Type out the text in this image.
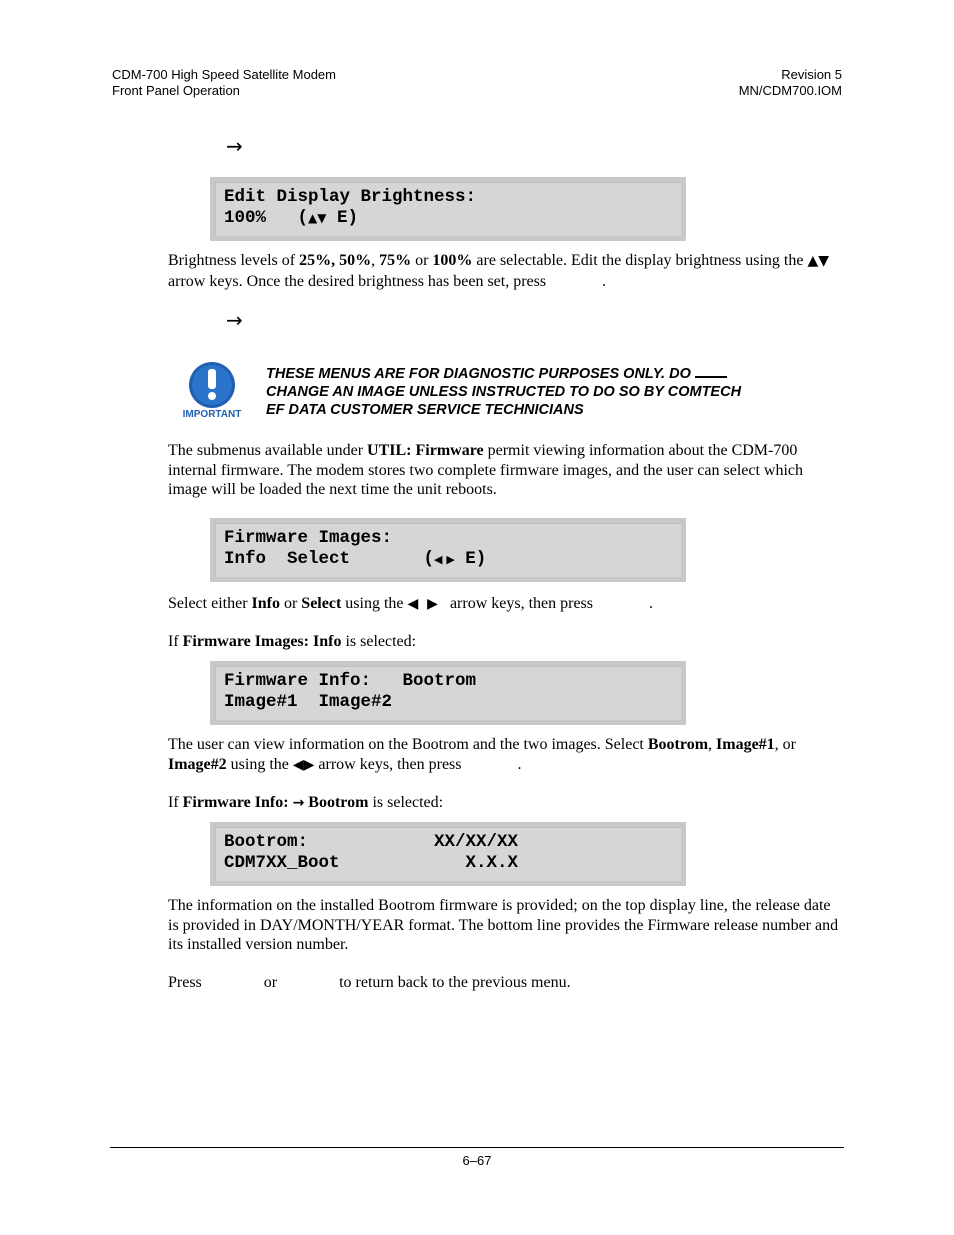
CDM-700 High Speed Satellite Modem
Front Panel Operation
Revision 5
MN/CDM700.IOM
→
Edit Display Brightness:
100%   (▲▼ E)
Brightness levels of 25%, 50%, 75% or 100% are selectable. Edit the display brightness using the ▲▼ arrow keys. Once the desired brightness has been set, press	.
→
IMPORTANT
THESE MENUS ARE FOR DIAGNOSTIC PURPOSES ONLY. DO
CHANGE AN IMAGE UNLESS INSTRUCTED TO DO SO BY COMTECH
EF DATA CUSTOMER SERVICE TECHNICIANS
The submenus available under UTIL: Firmware permit viewing information about the CDM-700 internal firmware. The modem stores two complete firmware images, and the user can select which image will be loaded the next time the unit reboots.
Firmware Images:
Info  Select       (◀ ▶ E)
Select either Info or Select using the ◀  ▶ arrow keys, then press	.
If Firmware Images: Info is selected:
Firmware Info:   Bootrom
Image#1  Image#2
The user can view information on the Bootrom and the two images. Select Bootrom, Image#1, or Image#2 using the ◀▶ arrow keys, then press	.
If Firmware Info: → Bootrom is selected:
Bootrom:            XX/XX/XX
CDM7XX_Boot            X.X.X
The information on the installed Bootrom firmware is provided; on the top display line, the release date is provided in DAY/MONTH/YEAR format. The bottom line provides the Firmware release number and its installed version number.
Press	or	to return back to the previous menu.
6–67
